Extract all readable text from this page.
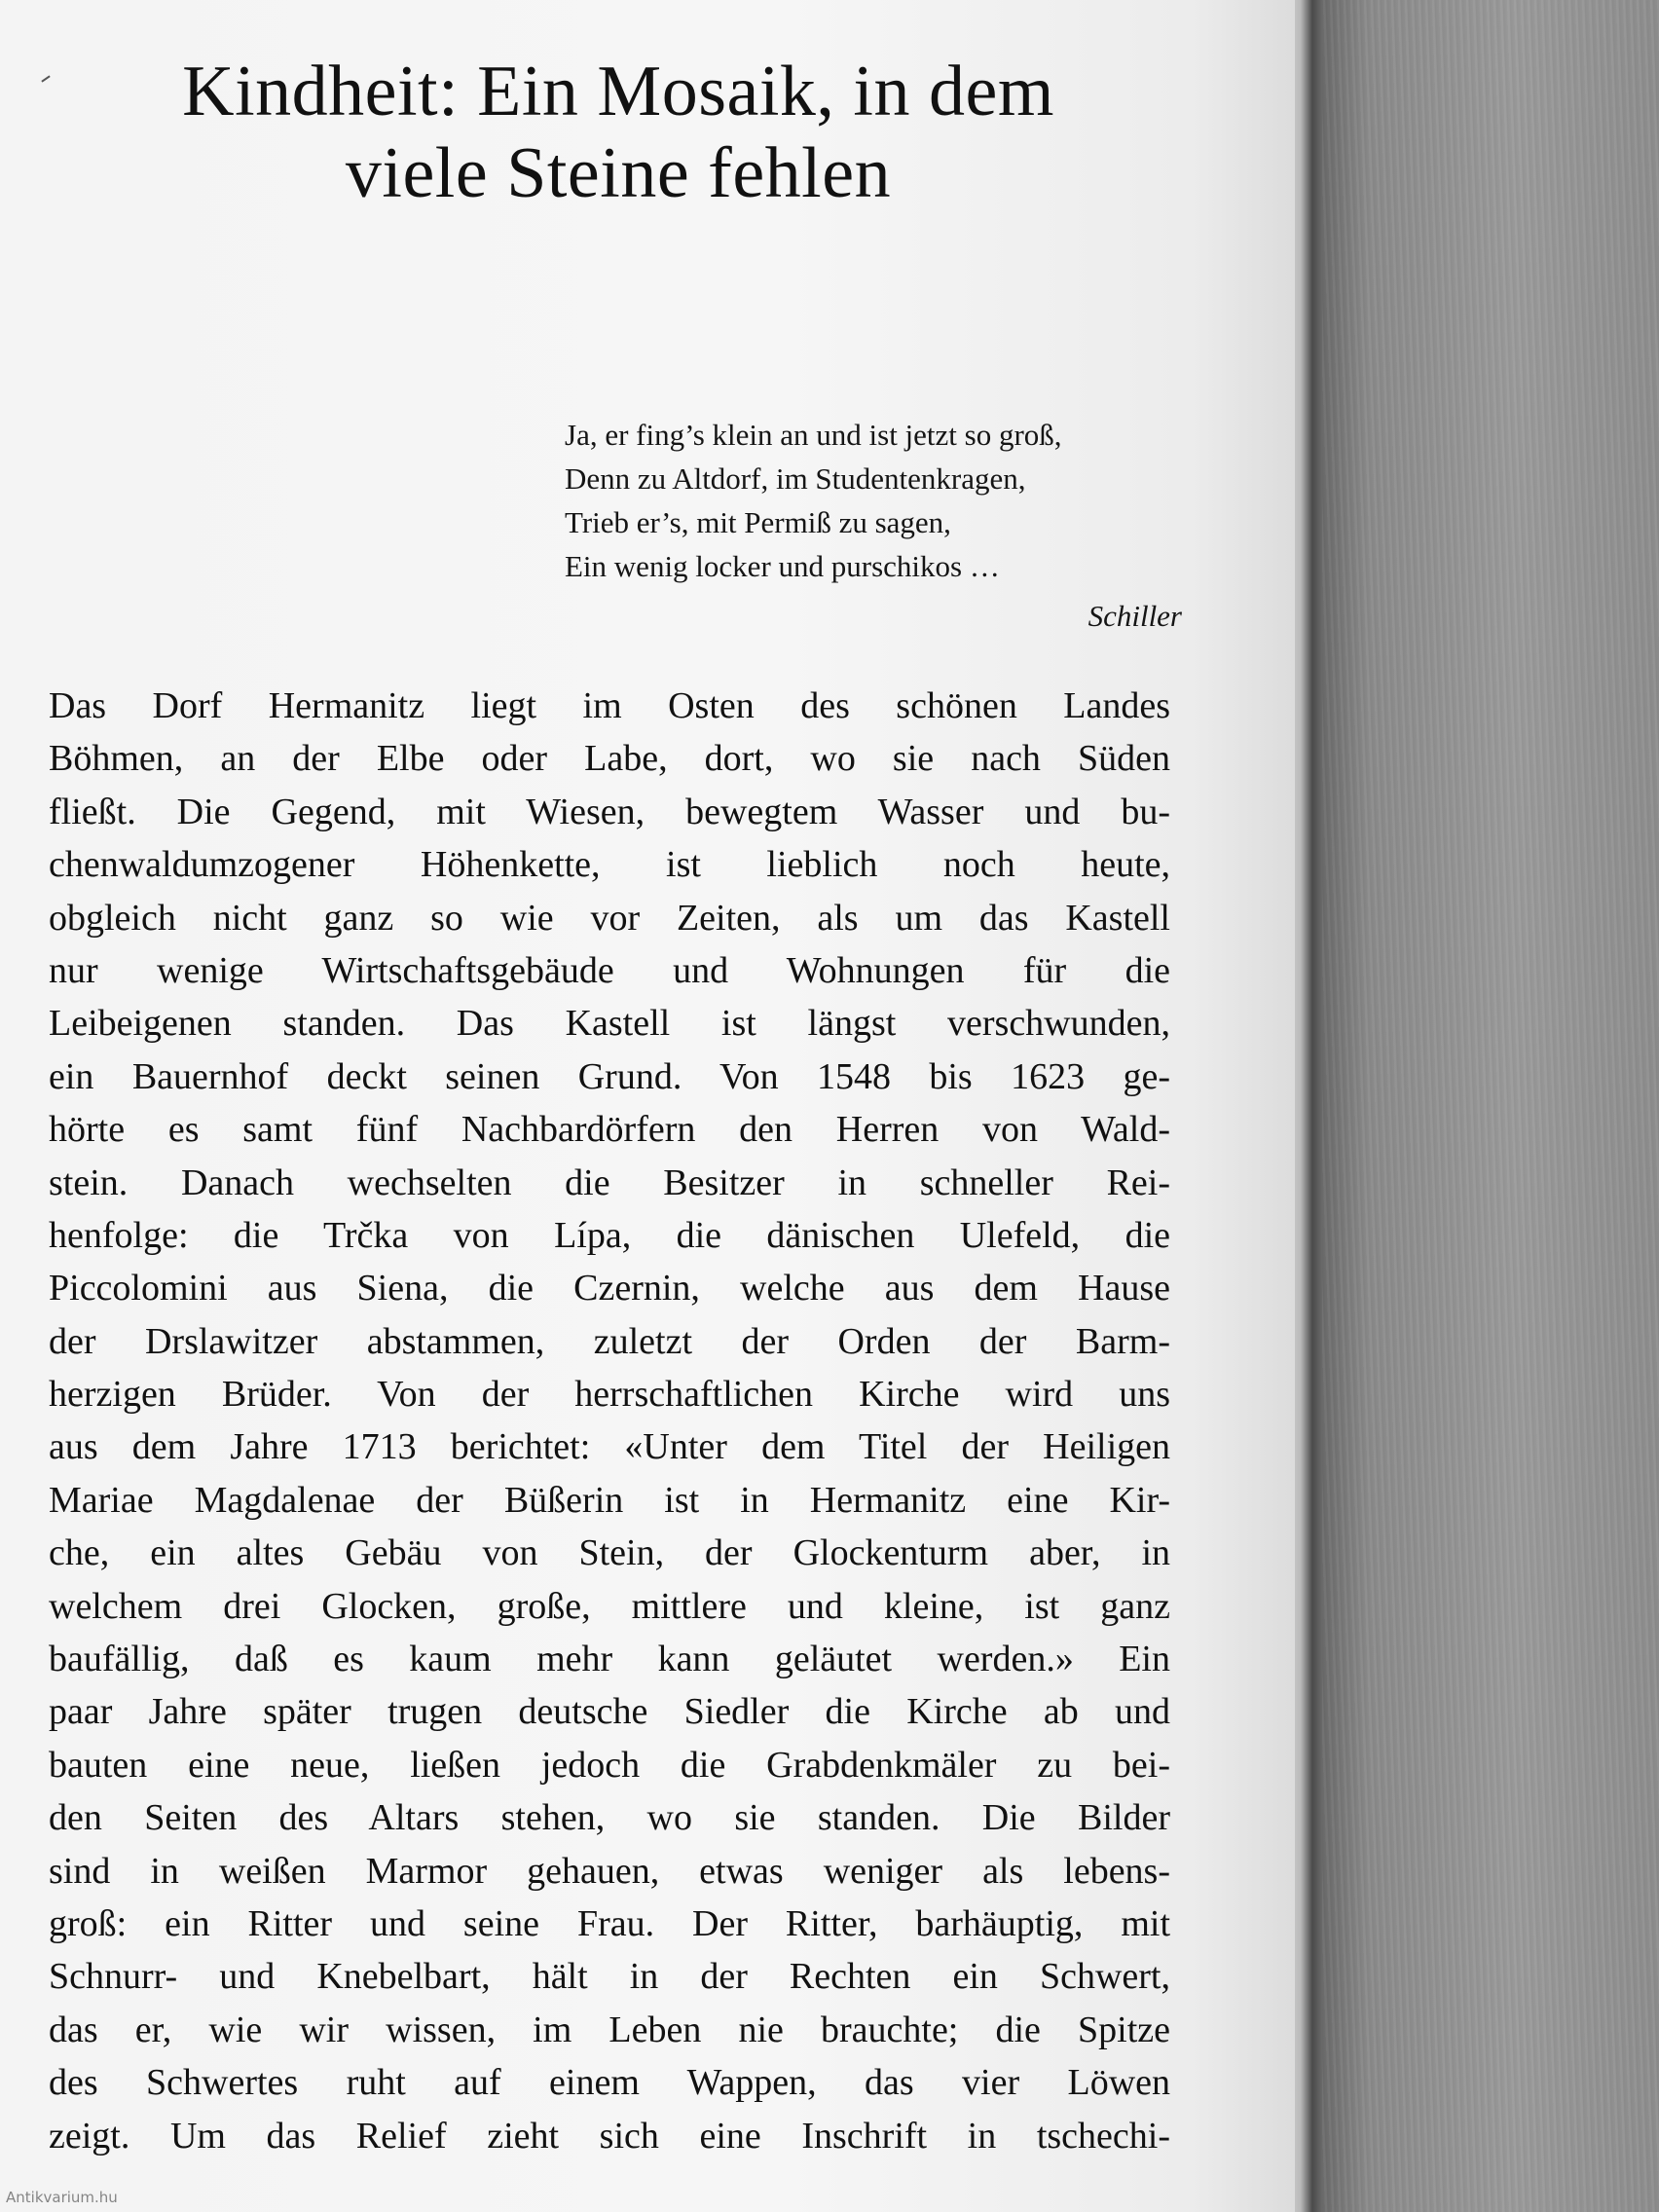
Kindheit: Ein Mosaik, in dem
viele Steine fehlen
Ja, er fing’s klein an und ist jetzt so groß,
Denn zu Altdorf, im Studentenkragen,
Trieb er’s, mit Permiß zu sagen,
Ein wenig locker und purschikos …
Schiller
Das Dorf Hermanitz liegt im Osten des schönen Landes
Böhmen, an der Elbe oder Labe, dort, wo sie nach Süden
fließt. Die Gegend, mit Wiesen, bewegtem Wasser und bu-
chenwaldumzogener Höhenkette, ist lieblich noch heute,
obgleich nicht ganz so wie vor Zeiten, als um das Kastell
nur wenige Wirtschaftsgebäude und Wohnungen für die
Leibeigenen standen. Das Kastell ist längst verschwunden,
ein Bauernhof deckt seinen Grund. Von 1548 bis 1623 ge-
hörte es samt fünf Nachbardörfern den Herren von Wald-
stein. Danach wechselten die Besitzer in schneller Rei-
henfolge: die Trčka von Lípa, die dänischen Ulefeld, die
Piccolomini aus Siena, die Czernin, welche aus dem Hause
der Drslawitzer abstammen, zuletzt der Orden der Barm-
herzigen Brüder. Von der herrschaftlichen Kirche wird uns
aus dem Jahre 1713 berichtet: «Unter dem Titel der Heiligen
Mariae Magdalenae der Büßerin ist in Hermanitz eine Kir-
che, ein altes Gebäu von Stein, der Glockenturm aber, in
welchem drei Glocken, große, mittlere und kleine, ist ganz
baufällig, daß es kaum mehr kann geläutet werden.» Ein
paar Jahre später trugen deutsche Siedler die Kirche ab und
bauten eine neue, ließen jedoch die Grabdenkmäler zu bei-
den Seiten des Altars stehen, wo sie standen. Die Bilder
sind in weißen Marmor gehauen, etwas weniger als lebens-
groß: ein Ritter und seine Frau. Der Ritter, barhäuptig, mit
Schnurr- und Knebelbart, hält in der Rechten ein Schwert,
das er, wie wir wissen, im Leben nie brauchte; die Spitze
des Schwertes ruht auf einem Wappen, das vier Löwen
zeigt. Um das Relief zieht sich eine Inschrift in tschechi-
Antikvarium.hu
